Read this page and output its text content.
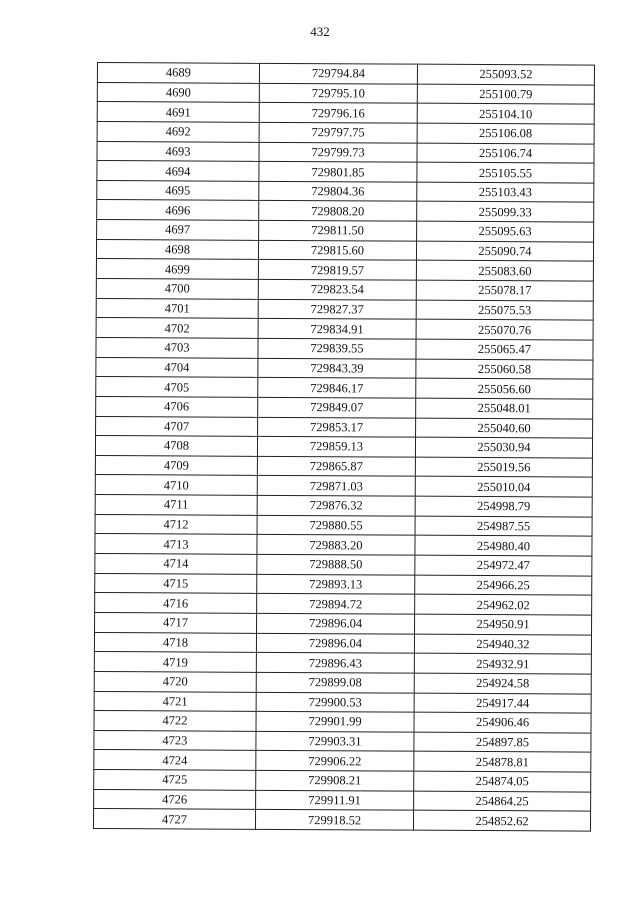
432
4689	729794.84	255093.52
4690	729795.10	255100.79
4691	729796.16	255104.10
4692	729797.75	255106.08
4693	729799.73	255106.74
4694	729801.85	255105.55
4695	729804.36	255103.43
4696	729808.20	255099.33
4697	729811.50	255095.63
4698	729815.60	255090.74
4699	729819.57	255083.60
4700	729823.54	255078.17
4701	729827.37	255075.53
4702	729834.91	255070.76
4703	729839.55	255065.47
4704	729843.39	255060.58
4705	729846.17	255056.60
4706	729849.07	255048.01
4707	729853.17	255040.60
4708	729859.13	255030.94
4709	729865.87	255019.56
4710	729871.03	255010.04
4711	729876.32	254998.79
4712	729880.55	254987.55
4713	729883.20	254980.40
4714	729888.50	254972.47
4715	729893.13	254966.25
4716	729894.72	254962.02
4717	729896.04	254950.91
4718	729896.04	254940.32
4719	729896.43	254932.91
4720	729899.08	254924.58
4721	729900.53	254917.44
4722	729901.99	254906.46
4723	729903.31	254897.85
4724	729906.22	254878.81
4725	729908.21	254874.05
4726	729911.91	254864.25
4727	729918.52	254852.62
